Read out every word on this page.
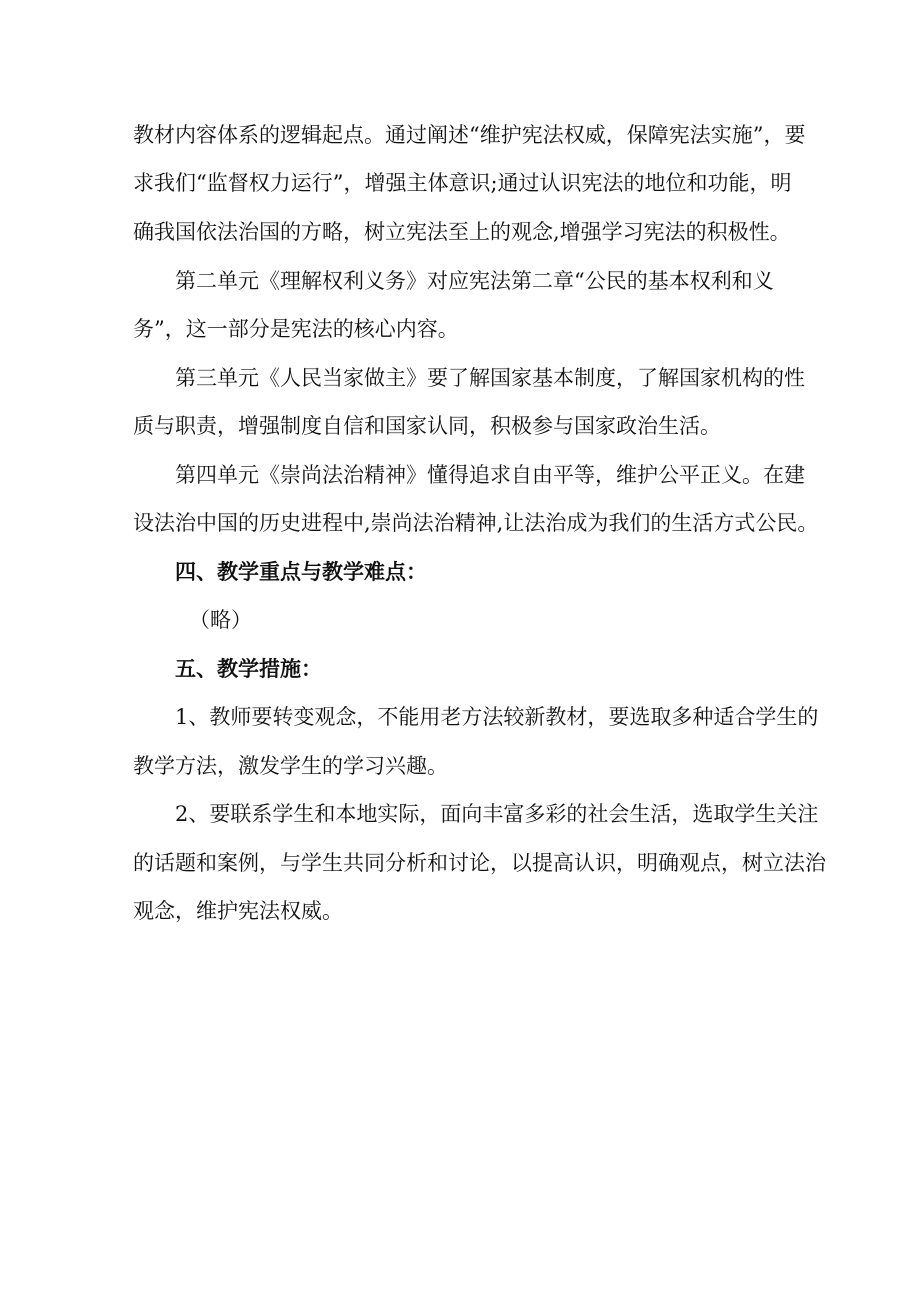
教材内容体系的逻辑起点。通过阐述“维护宪法权威，保障宪法实施”，要
求我们“监督权力运行”，增强主体意识;通过认识宪法的地位和功能，明
确我国依法治国的方略，树立宪法至上的观念,增强学习宪法的积极性。
第二单元《理解权利义务》对应宪法第二章“公民的基本权利和义
务”，这一部分是宪法的核心内容。
第三单元《人民当家做主》要了解国家基本制度，了解国家机构的性
质与职责，增强制度自信和国家认同，积极参与国家政治生活。
第四单元《崇尚法治精神》懂得追求自由平等，维护公平正义。在建
设法治中国的历史进程中,崇尚法治精神,让法治成为我们的生活方式公民。
四、教学重点与教学难点：
（略）
五、教学措施：
1、教师要转变观念，不能用老方法较新教材，要选取多种适合学生的
教学方法，激发学生的学习兴趣。
2、要联系学生和本地实际，面向丰富多彩的社会生活，选取学生关注
的话题和案例，与学生共同分析和讨论，以提高认识，明确观点，树立法治
观念，维护宪法权威。
